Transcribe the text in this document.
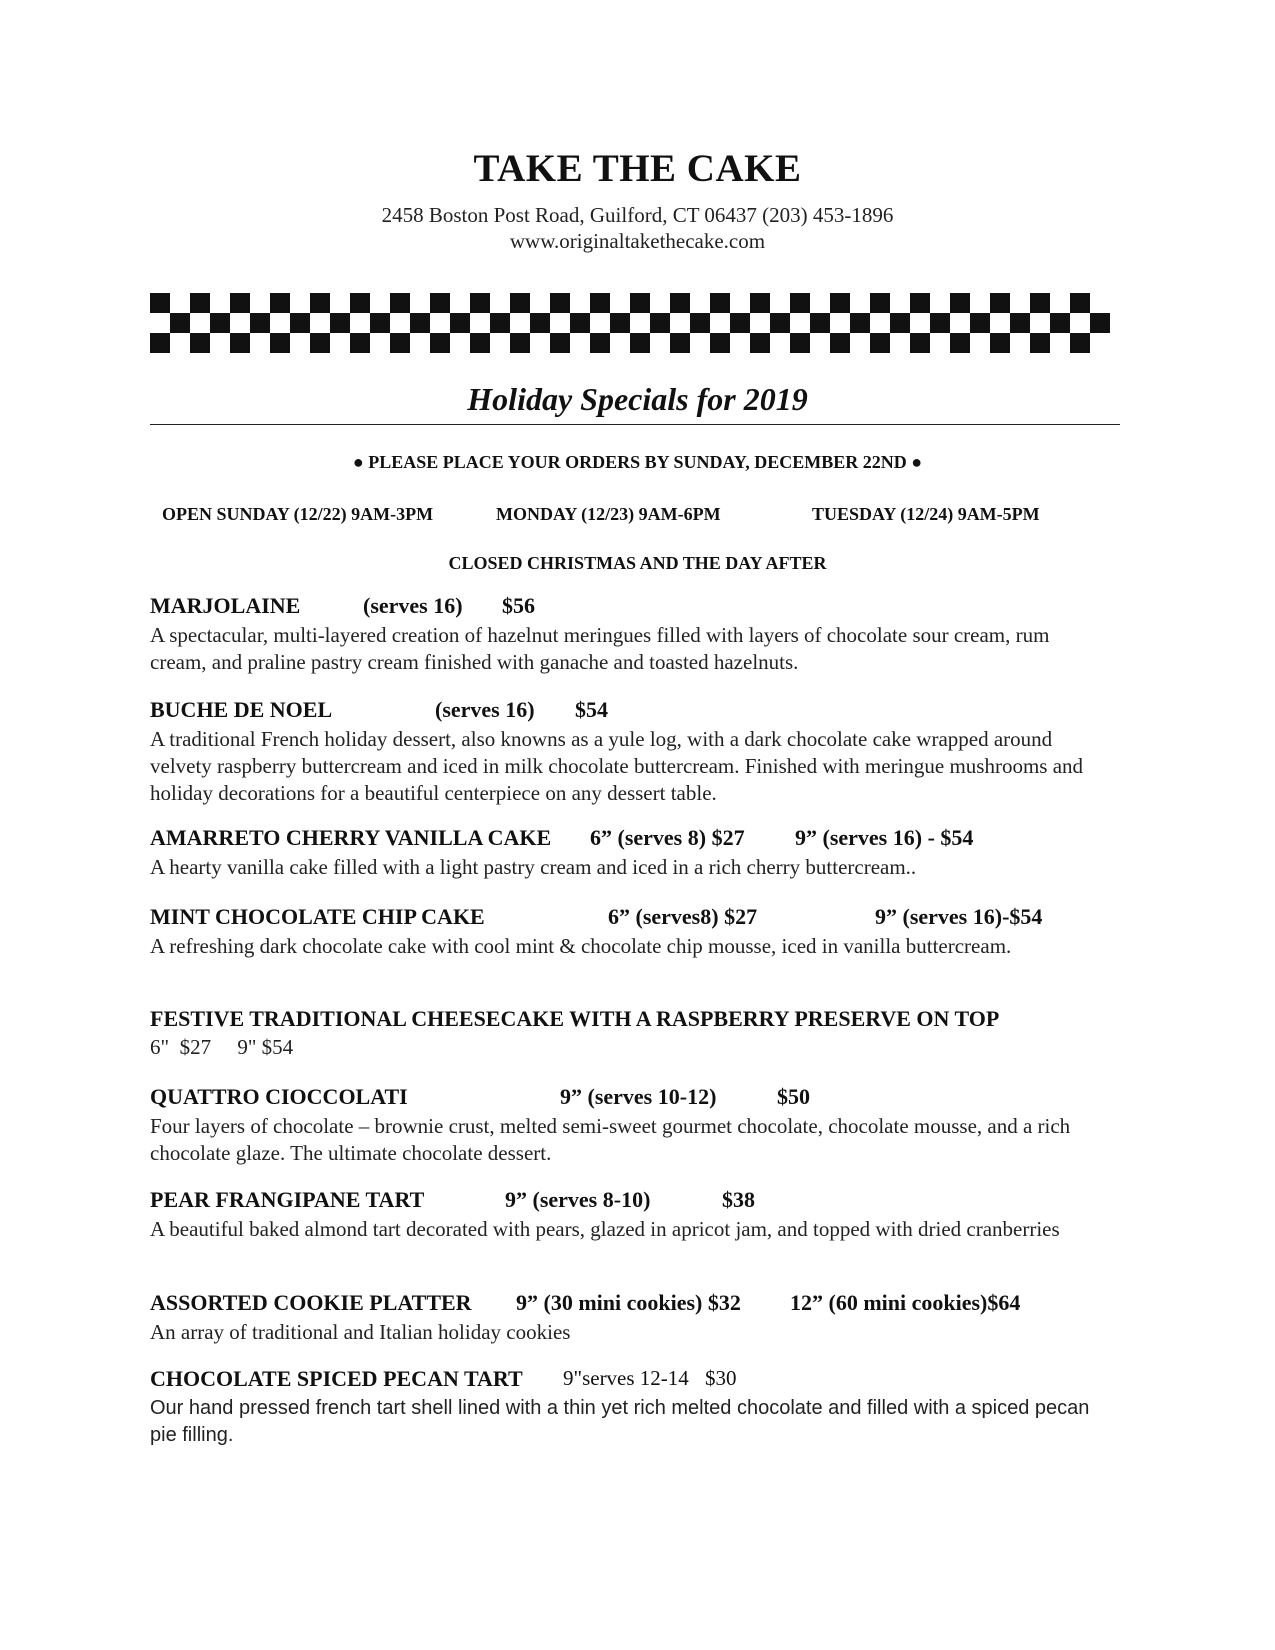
TAKE THE CAKE
2458 Boston Post Road, Guilford, CT 06437 (203) 453-1896
www.originaltakethecake.com
Holiday Specials for 2019
● PLEASE PLACE YOUR ORDERS BY SUNDAY, DECEMBER 22ND ●
OPEN SUNDAY (12/22) 9AM-3PM	MONDAY (12/23) 9AM-6PM	TUESDAY (12/24) 9AM-5PM
CLOSED CHRISTMAS AND THE DAY AFTER
MARJOLAINE	(serves 16) $56
A spectacular, multi-layered creation of hazelnut meringues filled with layers of chocolate sour cream, rum cream, and praline pastry cream finished with ganache and toasted hazelnuts.
BUCHE DE NOEL	(serves 16) $54
A traditional French holiday dessert, also knowns as a yule log, with a dark chocolate cake wrapped around velvety raspberry buttercream and iced in milk chocolate buttercream. Finished with meringue mushrooms and holiday decorations for a beautiful centerpiece on any dessert table.
AMARRETO CHERRY VANILLA CAKE 6” (serves 8) $27 9” (serves 16) - $54
A hearty vanilla cake filled with a light pastry cream and iced in a rich cherry buttercream..
MINT CHOCOLATE CHIP CAKE	6” (serves8) $27	9” (serves 16)-$54
A refreshing dark chocolate cake with cool mint & chocolate chip mousse, iced in vanilla buttercream.
FESTIVE TRADITIONAL CHEESECAKE WITH A RASPBERRY PRESERVE ON TOP
6"  $27     9" $54
QUATTRO CIOCCOLATI	9” (serves 10-12)	$50
Four layers of chocolate – brownie crust, melted semi-sweet gourmet chocolate, chocolate mousse, and a rich chocolate glaze. The ultimate chocolate dessert.
PEAR FRANGIPANE TART	9” (serves 8-10)	$38
A beautiful baked almond tart decorated with pears, glazed in apricot jam, and topped with dried cranberries
ASSORTED COOKIE PLATTER 9” (30 mini cookies) $32 12” (60 mini cookies)$64
An array of traditional and Italian holiday cookies
CHOCOLATE SPICED PECAN TART 9"serves 12-14 $30
Our hand pressed french tart shell lined with a thin yet rich melted chocolate and filled with a spiced pecan pie filling.
